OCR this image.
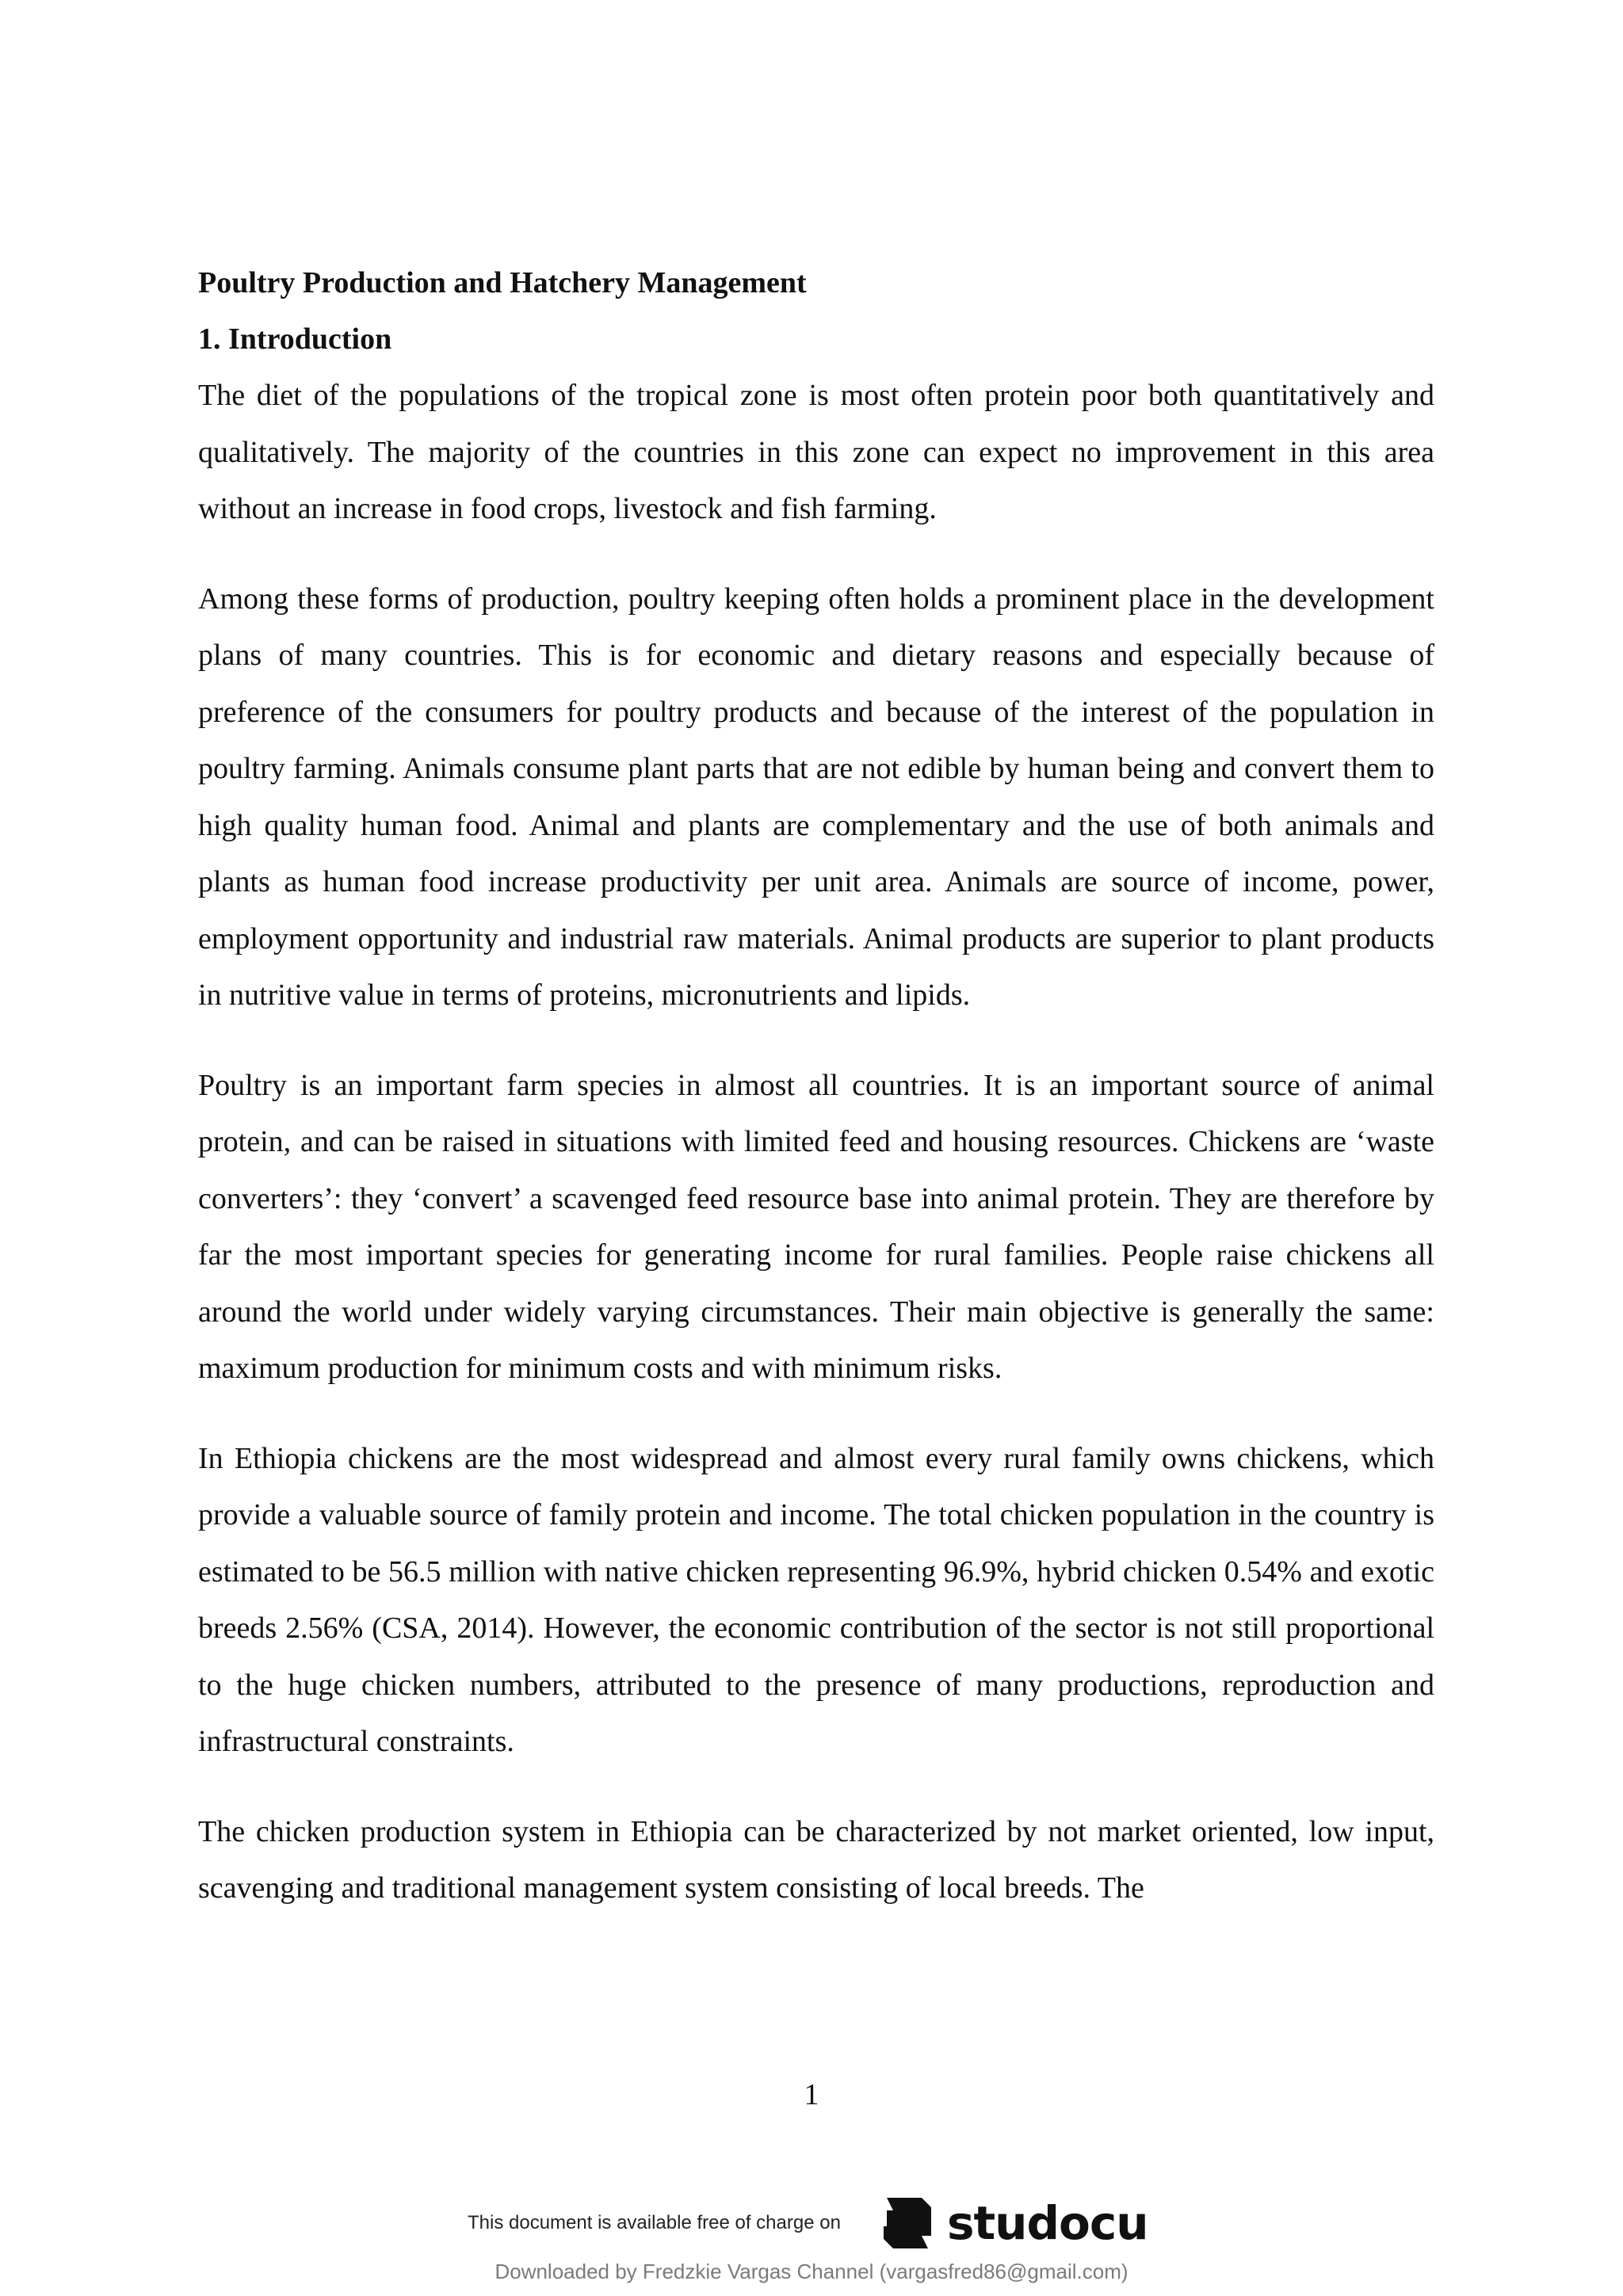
Poultry Production and Hatchery Management

1. Introduction

The diet of the populations of the tropical zone is most often protein poor both quantitatively and qualitatively. The majority of the countries in this zone can expect no improvement in this area without an increase in food crops, livestock and fish farming.

Among these forms of production, poultry keeping often holds a prominent place in the development plans of many countries. This is for economic and dietary reasons and especially because of preference of the consumers for poultry products and because of the interest of the population in poultry farming. Animals consume plant parts that are not edible by human being and convert them to high quality human food. Animal and plants are complementary and the use of both animals and plants as human food increase productivity per unit area. Animals are source of income, power, employment opportunity and industrial raw materials. Animal products are superior to plant products in nutritive value in terms of proteins, micronutrients and lipids.

Poultry is an important farm species in almost all countries. It is an important source of animal protein, and can be raised in situations with limited feed and housing resources. Chickens are ‘waste converters’: they ‘convert’ a scavenged feed resource base into animal protein. They are therefore by far the most important species for generating income for rural families. People raise chickens all around the world under widely varying circumstances. Their main objective is generally the same: maximum production for minimum costs and with minimum risks.

In Ethiopia chickens are the most widespread and almost every rural family owns chickens, which provide a valuable source of family protein and income. The total chicken population in the country is estimated to be 56.5 million with native chicken representing 96.9%, hybrid chicken 0.54% and exotic breeds 2.56% (CSA, 2014). However, the economic contribution of the sector is not still proportional to the huge chicken numbers, attributed to the presence of many productions, reproduction and infrastructural constraints.

The chicken production system in Ethiopia can be characterized by not market oriented, low input, scavenging and traditional management system consisting of local breeds. The

1
This document is available free of charge on studocu
Downloaded by Fredzkie Vargas Channel (vargasfred86@gmail.com)
